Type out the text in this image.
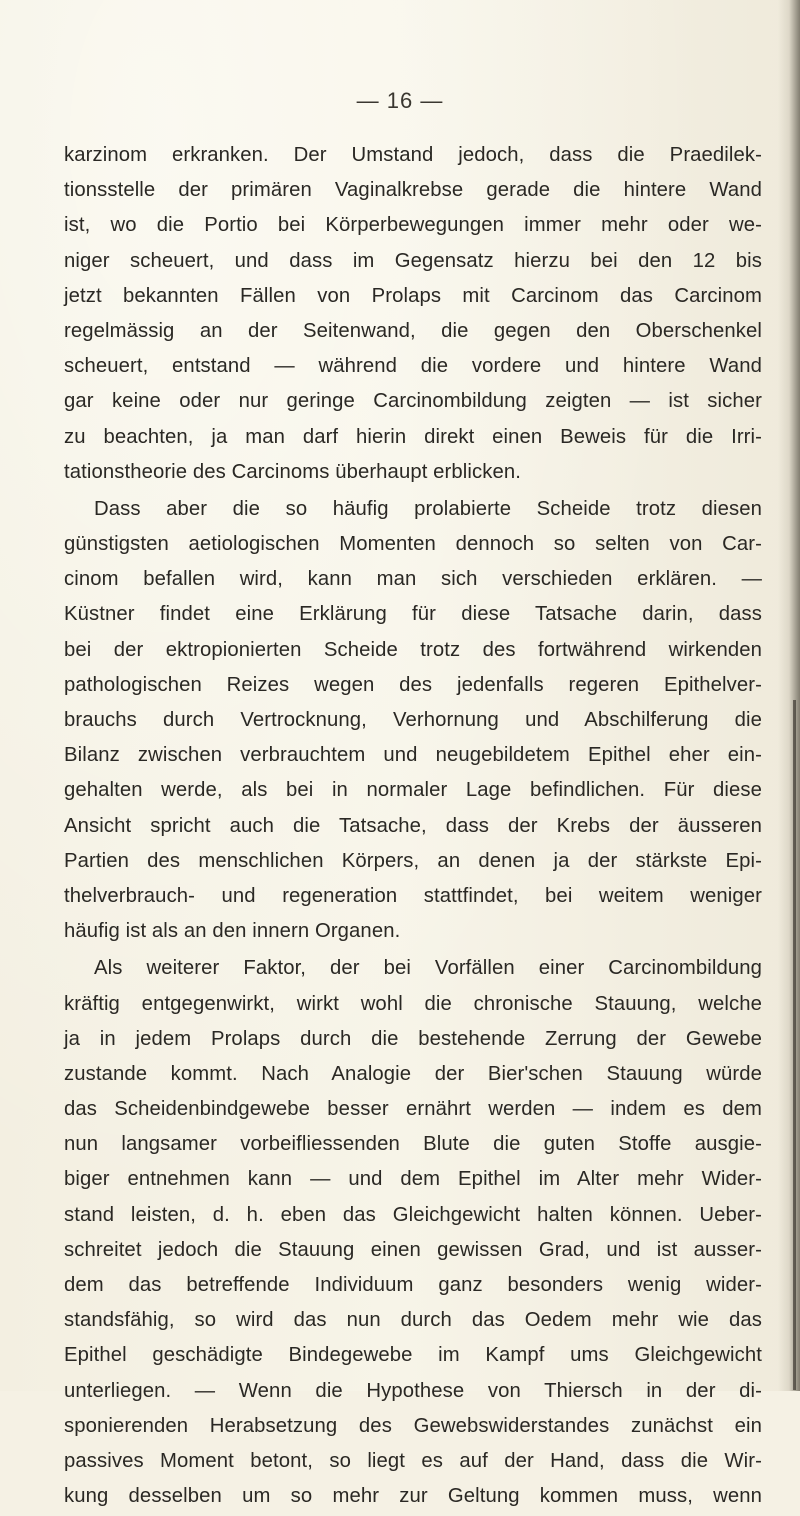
— 16 —
karzinom erkranken. Der Umstand jedoch, dass die Praedilek-
tionsstelle der primären Vaginalkrebse gerade die hintere Wand
ist, wo die Portio bei Körperbewegungen immer mehr oder we-
niger scheuert, und dass im Gegensatz hierzu bei den 12 bis
jetzt bekannten Fällen von Prolaps mit Carcinom das Carcinom
regelmässig an der Seitenwand, die gegen den Oberschenkel
scheuert, entstand — während die vordere und hintere Wand
gar keine oder nur geringe Carcinombildung zeigten — ist sicher
zu beachten, ja man darf hierin direkt einen Beweis für die Irri-
tationstheorie des Carcinoms überhaupt erblicken.
Dass aber die so häufig prolabierte Scheide trotz diesen
günstigsten aetiologischen Momenten dennoch so selten von Car-
cinom befallen wird, kann man sich verschieden erklären. —
Küstner findet eine Erklärung für diese Tatsache darin, dass
bei der ektropionierten Scheide trotz des fortwährend wirkenden
pathologischen Reizes wegen des jedenfalls regeren Epithelver-
brauchs durch Vertrocknung, Verhornung und Abschilferung die
Bilanz zwischen verbrauchtem und neugebildetem Epithel eher ein-
gehalten werde, als bei in normaler Lage befindlichen. Für diese
Ansicht spricht auch die Tatsache, dass der Krebs der äusseren
Partien des menschlichen Körpers, an denen ja der stärkste Epi-
thelverbrauch- und regeneration stattfindet, bei weitem weniger
häufig ist als an den innern Organen.
Als weiterer Faktor, der bei Vorfällen einer Carcinombildung
kräftig entgegenwirkt, wirkt wohl die chronische Stauung, welche
ja in jedem Prolaps durch die bestehende Zerrung der Gewebe
zustande kommt. Nach Analogie der Bier'schen Stauung würde
das Scheidenbindgewebe besser ernährt werden — indem es dem
nun langsamer vorbeifliessenden Blute die guten Stoffe ausgie-
biger entnehmen kann — und dem Epithel im Alter mehr Wider-
stand leisten, d. h. eben das Gleichgewicht halten können. Ueber-
schreitet jedoch die Stauung einen gewissen Grad, und ist ausser-
dem das betreffende Individuum ganz besonders wenig wider-
standsfähig, so wird das nun durch das Oedem mehr wie das
Epithel geschädigte Bindegewebe im Kampf ums Gleichgewicht
unterliegen. — Wenn die Hypothese von Thiersch in der di-
sponierenden Herabsetzung des Gewebswiderstandes zunächst ein
passives Moment betont, so liegt es auf der Hand, dass die Wir-
kung desselben um so mehr zur Geltung kommen muss, wenn
